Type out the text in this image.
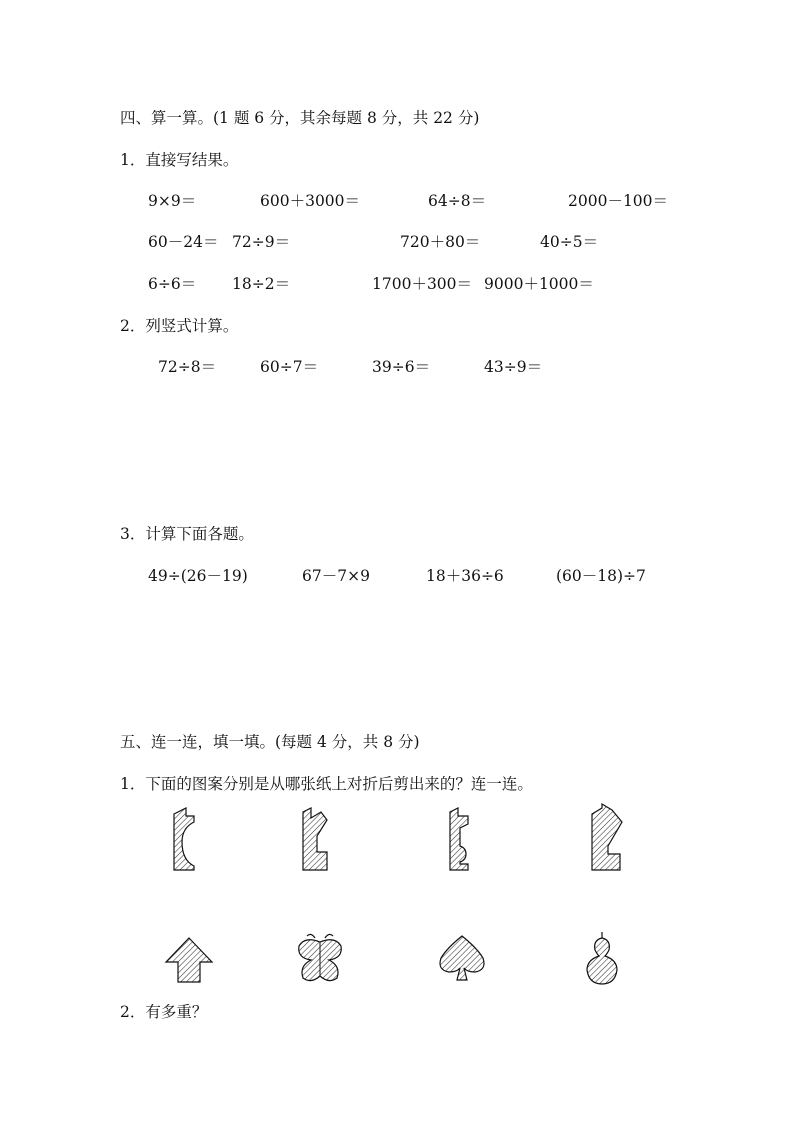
四、算一算。(1 题 6 分，其余每题 8 分，共 22 分)
1．直接写结果。
9×9＝	600＋3000＝	64÷8＝	2000－100＝
60－24＝ 72÷9＝	720＋80＝	40÷5＝
6÷6＝ 18÷2＝	1700＋300＝ 9000＋1000＝
2．列竖式计算。
72÷8＝	60÷7＝	39÷6＝	43÷9＝
3．计算下面各题。
49÷(26－19)	67－7×9	18＋36÷6	(60－18)÷7
五、连一连，填一填。(每题 4 分，共 8 分)
1．下面的图案分别是从哪张纸上对折后剪出来的？连一连。
2．有多重？
